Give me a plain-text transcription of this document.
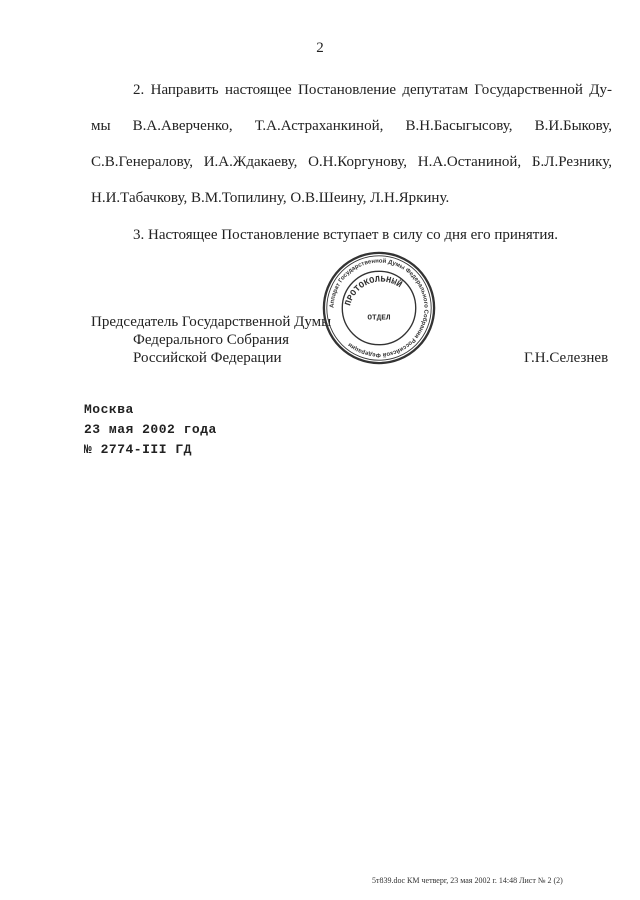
2
2. Направить настоящее Постановление депутатам Государственной Ду-
мы В.А.Аверченко, Т.А.Астраханкиной, В.Н.Басыгысову, В.И.Быкову,
С.В.Генералову, И.А.Ждакаеву, О.Н.Коргунову, Н.А.Останиной, Б.Л.Резнику,
Н.И.Табачкову, В.М.Топилину, О.В.Шеину, Л.Н.Яркину.
3. Настоящее Постановление вступает в силу со дня его принятия.
Председатель Государственной Думы
Федерального Собрания
Российской Федерации	Г.Н.Селезнев
Аппарат Государственной Думы Федерального Собрания Российской Федерации
ПРОТОКОЛЬНЫЙ
ОТДЕЛ
Москва
23 мая 2002 года
№ 2774-III ГД
5т839.doc КМ четверг, 23 мая 2002 г. 14:48 Лист № 2 (2)
